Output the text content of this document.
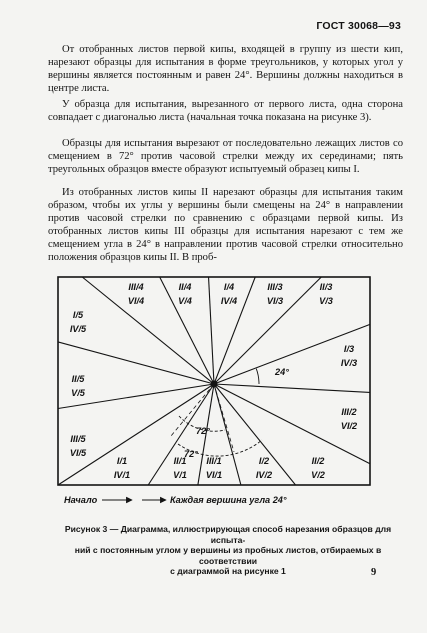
ГОСТ 30068—93

От отобранных листов первой кипы, входящей в группу из шести кип, нарезают образцы для испытания в форме треугольников, у которых угол у вершины является постоянным и равен 24°. Вершины должны находиться в центре листа.

У образца для испытания, вырезанного от первого листа, одна сторона совпадает с диагональю листа (начальная точка показана на рисунке 3).

Образцы для испытания вырезают от последовательно лежащих листов со смещением в 72° против часовой стрелки между их серединами; пять треугольных образцов вместе образуют испытуемый образец кипы I.

Из отобранных листов кипы II нарезают образцы для испытания таким образом, чтобы их углы у вершины были смещены на 24° в направлении против часовой стрелки по сравнению с образцами первой кипы. Из отобранных листов кипы III образцы для испытания нарезают с тем же смещением угла в 24° в направлении против часовой стрелки относительно положения образцов кипы II. В проб-

24°
72°
72°
III/4
VI/4
II/4
V/4
I/4
IV/4
III/3
VI/3
II/3
V/3
I/5
IV/5
II/5
V/5
III/5
VI/5
I/3
IV/3
III/2
VI/2
I/1
IV/1
II/1
V/1
III/1
VI/1
I/2
IV/2
II/2
V/2
Начало	Каждая вершина угла 24°
Рисунок 3 — Диаграмма, иллюстрирующая способ нарезания образцов для испыта-
ний с постоянным углом у вершины из пробных листов, отбираемых в соответствии
с диаграммой на рисунке 1	9
